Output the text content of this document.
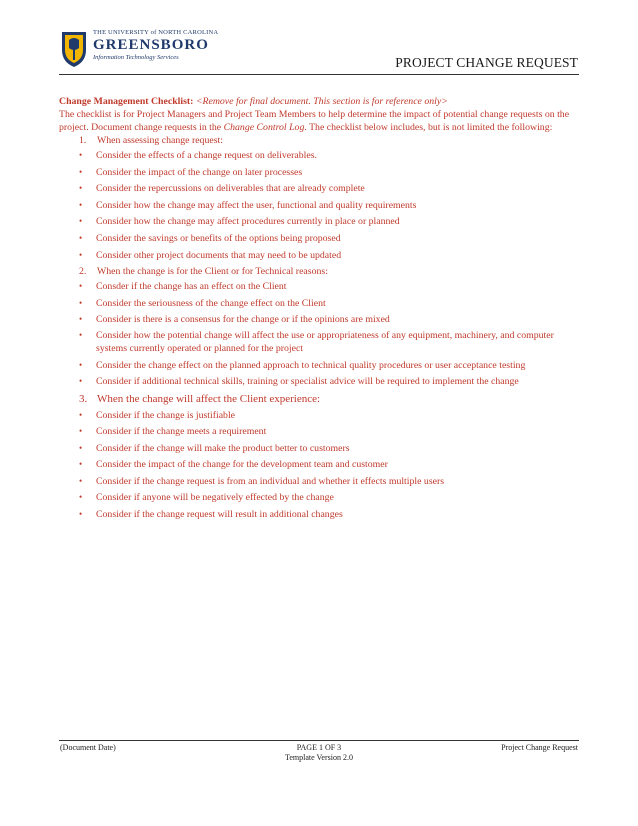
THE UNIVERSITY of NORTH CAROLINA
GREENSBORO
Information Technology Services	PROJECT CHANGE REQUEST

Change Management Checklist: <Remove for final document. This section is for reference only>
The checklist is for Project Managers and Project Team Members to help determine the impact of potential change requests on the project. Document change requests in the Change Control Log. The checklist below includes, but is not limited the following:

1. When assessing change request:
• Consider the effects of a change request on deliverables.
• Consider the impact of the change on later processes
• Consider the repercussions on deliverables that are already complete
• Consider how the change may affect the user, functional and quality requirements
• Consider how the change may affect procedures currently in place or planned
• Consider the savings or benefits of the options being proposed
• Consider other project documents that may need to be updated
2. When the change is for the Client or for Technical reasons:
• Consder if the change has an effect on the Client
• Consider the seriousness of the change effect on the Client
• Consider is there is a consensus for the change or if the opinions are mixed
• Consider how the potential change will affect the use or appropriateness of any equipment, machinery, and computer systems currently operated or planned for the project
• Consider the change effect on the planned approach to technical quality procedures or user acceptance testing
• Consider if additional technical skills, training or specialist advice will be required to implement the change
3. When the change will affect the Client experience:
• Consider if the change is justifiable
• Consider if the change meets a requirement
• Consider if the change will make the product better to customers
• Consider the impact of the change for the development team and customer
• Consider if the change request is from an individual and whether it effects multiple users
• Consider if anyone will be negatively effected by the change
• Consider if the change request will result in additional changes
(Document Date)	PAGE 1 OF 3
Template Version 2.0
Project Change Request
